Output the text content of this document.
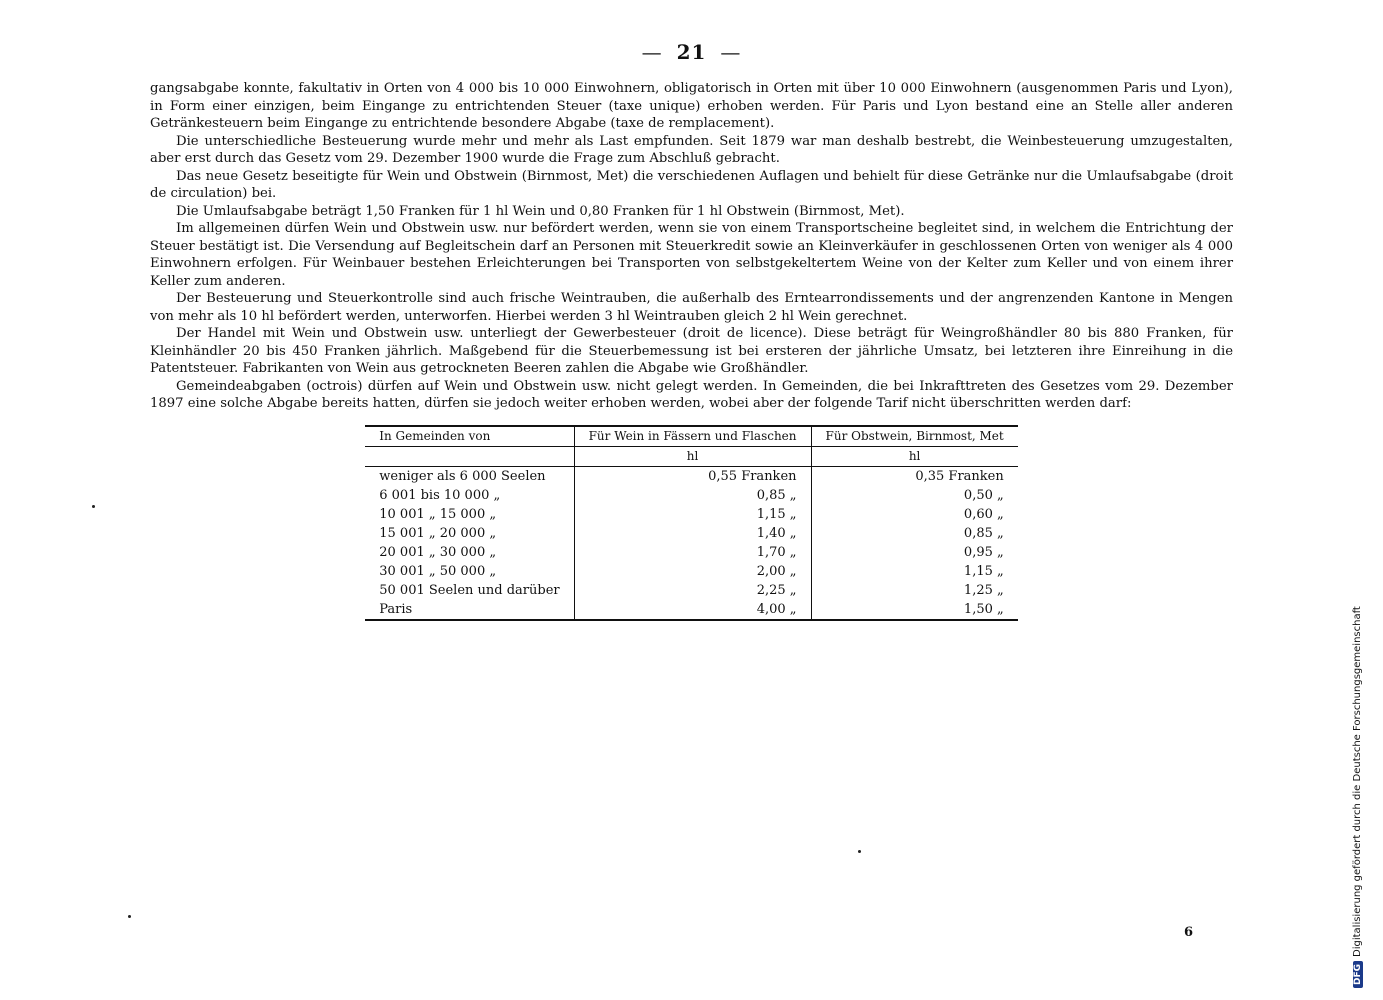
— 21 —

gangsabgabe konnte, fakultativ in Orten von 4 000 bis 10 000 Einwohnern, obligatorisch in Orten mit über 10 000 Einwohnern (ausgenommen Paris und Lyon), in Form einer einzigen, beim Eingange zu entrichtenden Steuer (taxe unique) erhoben werden. Für Paris und Lyon bestand eine an Stelle aller anderen Getränkesteuern beim Eingange zu entrichtende besondere Abgabe (taxe de remplacement).

Die unterschiedliche Besteuerung wurde mehr und mehr als Last empfunden. Seit 1879 war man deshalb bestrebt, die Weinbesteuerung umzugestalten, aber erst durch das Gesetz vom 29. Dezember 1900 wurde die Frage zum Abschluß gebracht.

Das neue Gesetz beseitigte für Wein und Obstwein (Birnmost, Met) die verschiedenen Auflagen und behielt für diese Getränke nur die Umlaufsabgabe (droit de circulation) bei.

Die Umlaufsabgabe beträgt 1,50 Franken für 1 hl Wein und 0,80 Franken für 1 hl Obstwein (Birnmost, Met).

Im allgemeinen dürfen Wein und Obstwein usw. nur befördert werden, wenn sie von einem Transportscheine begleitet sind, in welchem die Entrichtung der Steuer bestätigt ist. Die Versendung auf Begleitschein darf an Personen mit Steuerkredit sowie an Kleinverkäufer in geschlossenen Orten von weniger als 4 000 Einwohnern erfolgen. Für Weinbauer bestehen Erleichterungen bei Transporten von selbstgekeltertem Weine von der Kelter zum Keller und von einem ihrer Keller zum anderen.

Der Besteuerung und Steuerkontrolle sind auch frische Weintrauben, die außerhalb des Erntearrondissements und der angrenzenden Kantone in Mengen von mehr als 10 hl befördert werden, unterworfen. Hierbei werden 3 hl Weintrauben gleich 2 hl Wein gerechnet.

Der Handel mit Wein und Obstwein usw. unterliegt der Gewerbesteuer (droit de licence). Diese beträgt für Weingroßhändler 80 bis 880 Franken, für Kleinhändler 20 bis 450 Franken jährlich. Maßgebend für die Steuerbemessung ist bei ersteren der jährliche Umsatz, bei letzteren ihre Einreihung in die Patentsteuer. Fabrikanten von Wein aus getrockneten Beeren zahlen die Abgabe wie Großhändler.

Gemeindeabgaben (octrois) dürfen auf Wein und Obstwein usw. nicht gelegt werden. In Gemeinden, die bei Inkrafttreten des Gesetzes vom 29. Dezember 1897 eine solche Abgabe bereits hatten, dürfen sie jedoch weiter erhoben werden, wobei aber der folgende Tarif nicht überschritten werden darf:

In Gemeinden von	Für Wein in Fässern und Flaschen	Für Obstwein, Birnmost, Met
	hl	hl
weniger als 6 000 Seelen	0,55 Franken	0,35 Franken
6 001 bis 10 000 „	0,85 „	0,50 „
10 001 „ 15 000 „	1,15 „	0,60 „
15 001 „ 20 000 „	1,40 „	0,85 „
20 001 „ 30 000 „	1,70 „	0,95 „
30 001 „ 50 000 „	2,00 „	1,15 „
50 001 Seelen und darüber	2,25 „	1,25 „
Paris	4,00 „	1,50 „
6
DFG
Digitalisierung gefördert durch die Deutsche Forschungsgemeinschaft
